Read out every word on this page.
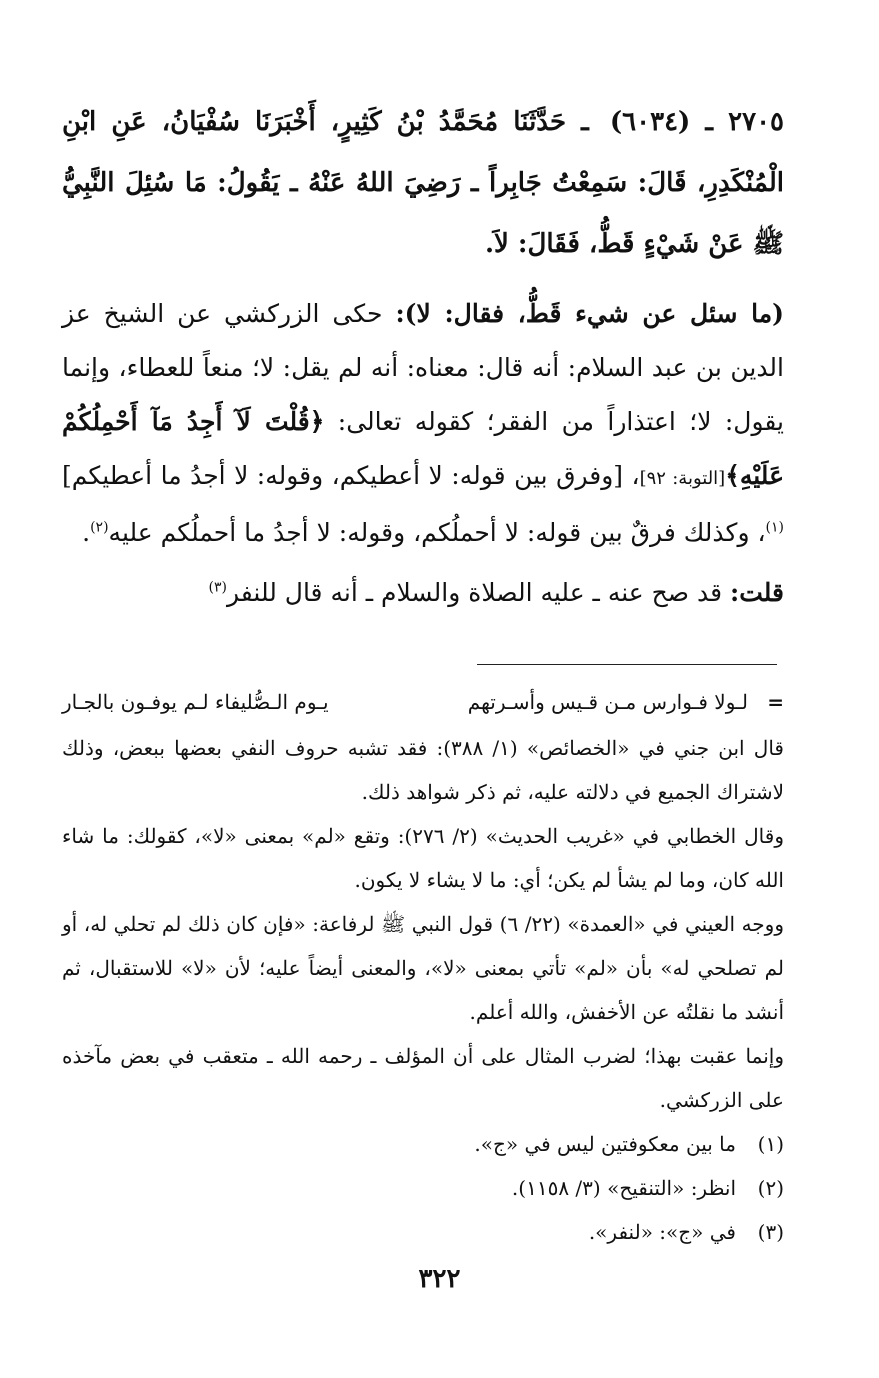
٢٧٠٥ ـ (٦٠٣٤) ـ حَدَّثَنَا مُحَمَّدُ بْنُ كَثِيرٍ، أَخْبَرَنَا سُفْيَانُ، عَنِ ابْنِ الْمُنْكَدِرِ، قَالَ: سَمِعْتُ جَابِراً ـ رَضِيَ اللهُ عَنْهُ ـ يَقُولُ: مَا سُئِلَ النَّبِيُّ ﷺ عَنْ شَيْءٍ قَطُّ، فَقَالَ: لاَ.

(ما سئل عن شيء قَطُّ، فقال: لا): حكى الزركشي عن الشيخ عز الدين بن عبد السلام: أنه قال: معناه: أنه لم يقل: لا؛ منعاً للعطاء، وإنما يقول: لا؛ اعتذاراً من الفقر؛ كقوله تعالى: ﴿قُلْتَ لَآ أَجِدُ مَآ أَحْمِلُكُمْ عَلَيْهِ﴾[التوبة: ٩٢]، [وفرق بين قوله: لا أعطيكم، وقوله: لا أجدُ ما أعطيكم]$^{(١)}$، وكذلك فرقٌ بين قوله: لا أحملُكم، وقوله: لا أجدُ ما أحملُكم عليه$^{(٢)}$.

قلت: قد صح عنه ـ عليه الصلاة والسلام ـ أنه قال للنفر$^{(٣)}$

=
لـولا فـوارس مـن قـيس وأسـرتهم
يـوم الـصُّليفاء لـم يوفـون بالجـار

قال ابن جني في «الخصائص» (١/ ٣٨٨): فقد تشبه حروف النفي بعضها ببعض، وذلك لاشتراك الجميع في دلالته عليه، ثم ذكر شواهد ذلك.

وقال الخطابي في «غريب الحديث» (٢/ ٢٧٦): وتقع «لم» بمعنى «لا»، كقولك: ما شاء الله كان، وما لم يشأ لم يكن؛ أي: ما لا يشاء لا يكون.

ووجه العيني في «العمدة» (٢٢/ ٦) قول النبي ﷺ لرفاعة: «فإن كان ذلك لم تحلي له، أو لم تصلحي له» بأن «لم» تأتي بمعنى «لا»، والمعنى أيضاً عليه؛ لأن «لا» للاستقبال، ثم أنشد ما نقلتُه عن الأخفش، والله أعلم.

وإنما عقبت بهذا؛ لضرب المثال على أن المؤلف ـ رحمه الله ـ متعقب في بعض مآخذه على الزركشي.

(١)
ما بين معكوفتين ليس في «ج».
(٢)
انظر: «التنقيح» (٣/ ١١٥٨).
(٣)
في «ج»: «لنفر».
٣٢٢
